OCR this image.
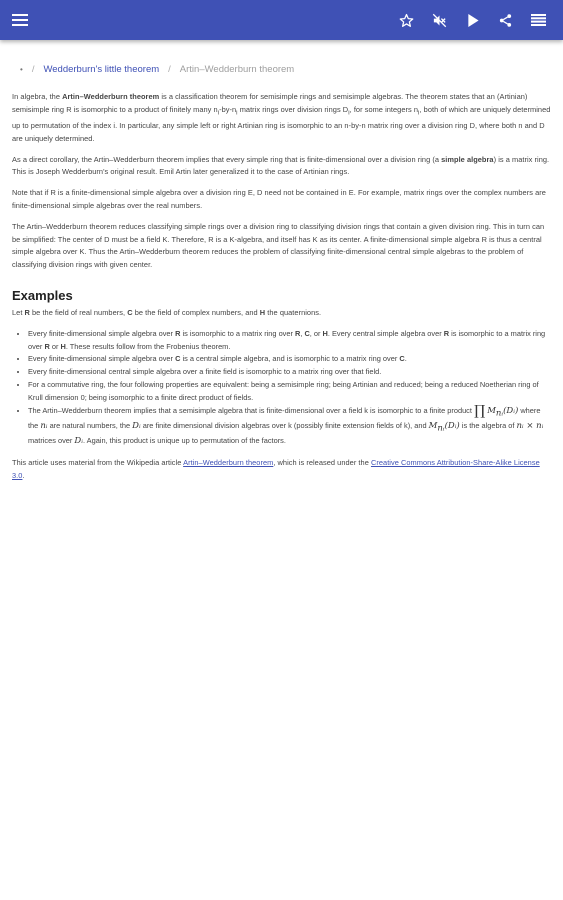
• / Wedderburn's little theorem / Artin–Wedderburn theorem

In algebra, the Artin–Wedderburn theorem is a classification theorem for semisimple rings and semisimple algebras. The theorem states that an (Artinian) semisimple ring R is isomorphic to a product of finitely many $n_i-by-n_i$ matrix rings over division rings $D_i$, for some integers $n_i$, both of which are uniquely determined up to permutation of the index i. In particular, any simple left or right Artinian ring is isomorphic to an n-by-n matrix ring over a division ring D, where both n and D are uniquely determined.

As a direct corollary, the Artin–Wedderburn theorem implies that every simple ring that is finite-dimensional over a division ring (a simple algebra) is a matrix ring. This is Joseph Wedderburn's original result. Emil Artin later generalized it to the case of Artinian rings.

Note that if R is a finite-dimensional simple algebra over a division ring E, D need not be contained in E. For example, matrix rings over the complex numbers are finite-dimensional simple algebras over the real numbers.

The Artin–Wedderburn theorem reduces classifying simple rings over a division ring to classifying division rings that contain a given division ring. This in turn can be simplified: The center of D must be a field K. Therefore, R is a K-algebra, and itself has K as its center. A finite-dimensional simple algebra R is thus a central simple algebra over K. Thus the Artin–Wedderburn theorem reduces the problem of classifying finite-dimensional central simple algebras to the problem of classifying division rings with given center.

Examples

Let R be the field of real numbers, C be the field of complex numbers, and H the quaternions.

• Every finite-dimensional simple algebra over R is isomorphic to a matrix ring over R, C, or H. Every central simple algebra over R is isomorphic to a matrix ring over R or H. These results follow from the Frobenius theorem.
• Every finite-dimensional simple algebra over C is a central simple algebra, and is isomorphic to a matrix ring over C.
• Every finite-dimensional central simple algebra over a finite field is isomorphic to a matrix ring over that field.
• For a commutative ring, the four following properties are equivalent: being a semisimple ring; being Artinian and reduced; being a reduced Noetherian ring of Krull dimension 0; being isomorphic to a finite direct product of fields.
• The Artin–Wedderburn theorem implies that a semisimple algebra that is finite-dimensional over a field k is isomorphic to a finite product ∏ $M_{nᵢ}(Dᵢ)$ where the nᵢ are natural numbers, the Dᵢ are finite dimensional division algebras over k (possibly finite extension fields of k), and $M_{nᵢ}(Dᵢ)$ is the algebra of nᵢ × nᵢ matrices over Dᵢ. Again, this product is unique up to permutation of the factors.

This article uses material from the Wikipedia article Artin–Wedderburn theorem, which is released under the Creative Commons Attribution-Share-Alike License 3.0.
